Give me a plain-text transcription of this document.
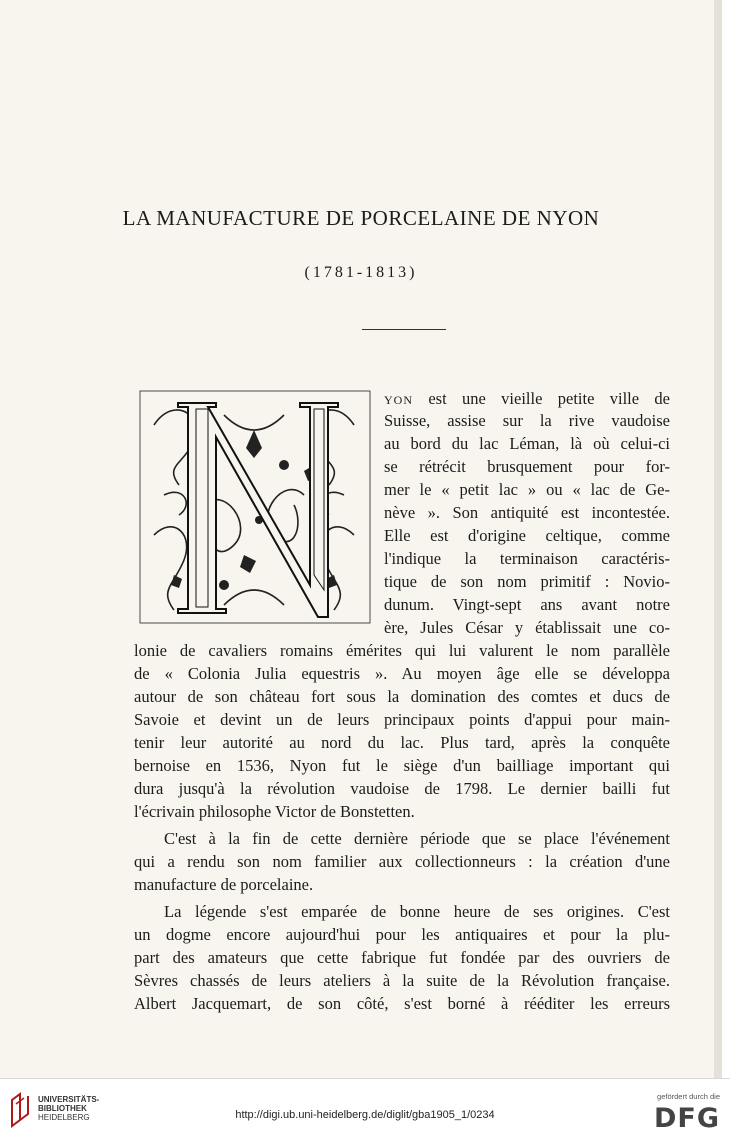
LA MANUFACTURE DE PORCELAINE DE NYON
(1781-1813)
yon est une vieille petite ville de
Suisse, assise sur la rive vaudoise
au bord du lac Léman, là où celui-ci
se rétrécit brusquement pour for-
mer le « petit lac » ou « lac de Ge-
nève ». Son antiquité est incontestée.
Elle est d'origine celtique, comme
l'indique la terminaison caractéris-
tique de son nom primitif : Novio-
dunum. Vingt-sept ans avant notre
ère, Jules César y établissait une co-
lonie de cavaliers romains émérites qui lui valurent le nom parallèle
de « Colonia Julia equestris ». Au moyen âge elle se développa
autour de son château fort sous la domination des comtes et ducs de
Savoie et devint un de leurs principaux points d'appui pour main-
tenir leur autorité au nord du lac. Plus tard, après la conquête
bernoise en 1536, Nyon fut le siège d'un bailliage important qui
dura jusqu'à la révolution vaudoise de 1798. Le dernier bailli fut
l'écrivain philosophe Victor de Bonstetten.
C'est à la fin de cette dernière période que se place l'événement
qui a rendu son nom familier aux collectionneurs : la création d'une
manufacture de porcelaine.
La légende s'est emparée de bonne heure de ses origines. C'est
un dogme encore aujourd'hui pour les antiquaires et pour la plu-
part des amateurs que cette fabrique fut fondée par des ouvriers de
Sèvres chassés de leurs ateliers à la suite de la Révolution française.
Albert Jacquemart, de son côté, s'est borné à rééditer les erreurs
UNIVERSITÄTS-
BIBLIOTHEK
HEIDELBERG	http://digi.ub.uni-heidelberg.de/diglit/gba1905_1/0234
gefördert durch die
DFG
